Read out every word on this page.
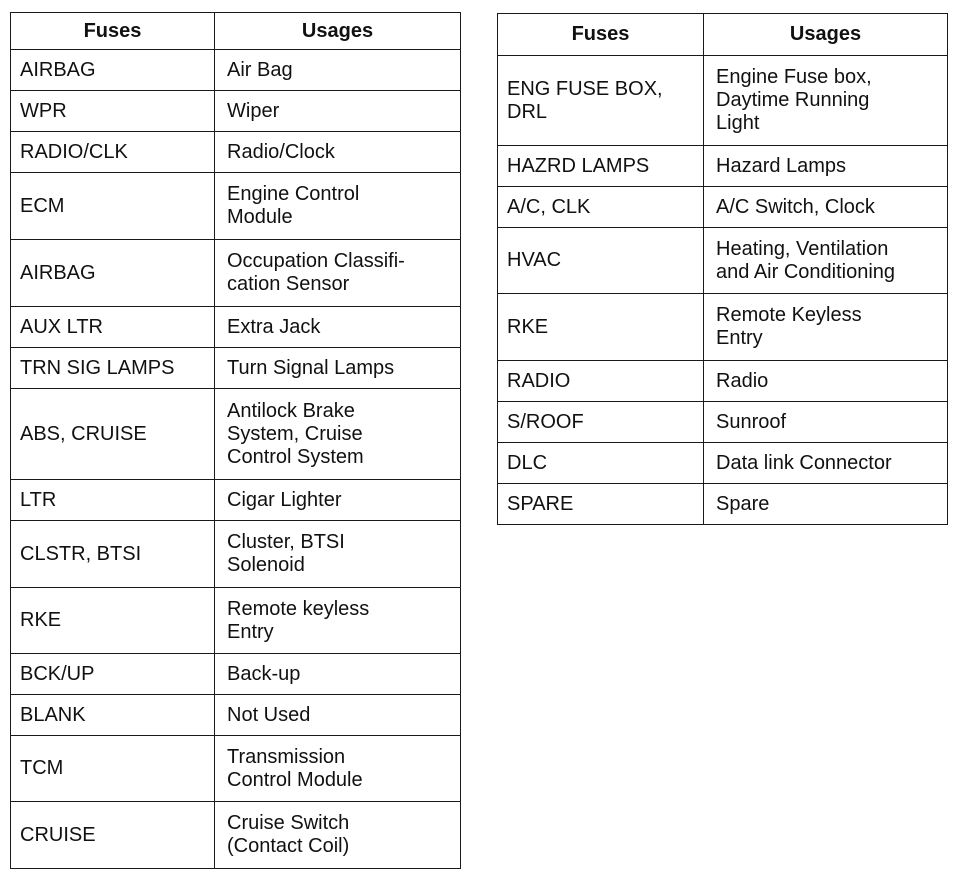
Fuses	Usages
AIRBAG	Air Bag
WPR	Wiper
RADIO/CLK	Radio/Clock
ECM	Engine Control
Module
AIRBAG	Occupation Classifi-
cation Sensor
AUX LTR	Extra Jack
TRN SIG LAMPS	Turn Signal Lamps
ABS, CRUISE	Antilock Brake
System, Cruise
Control System
LTR	Cigar Lighter
CLSTR, BTSI	Cluster, BTSI
Solenoid
RKE	Remote keyless
Entry
BCK/UP	Back-up
BLANK	Not Used
TCM	Transmission
Control Module
CRUISE	Cruise Switch
(Contact Coil)
Fuses	Usages
ENG FUSE BOX,
DRL	Engine Fuse box,
Daytime Running
Light
HAZRD LAMPS	Hazard Lamps
A/C, CLK	A/C Switch, Clock
HVAC	Heating, Ventilation
and Air Conditioning
RKE	Remote Keyless
Entry
RADIO	Radio
S/ROOF	Sunroof
DLC	Data link Connector
SPARE	Spare
